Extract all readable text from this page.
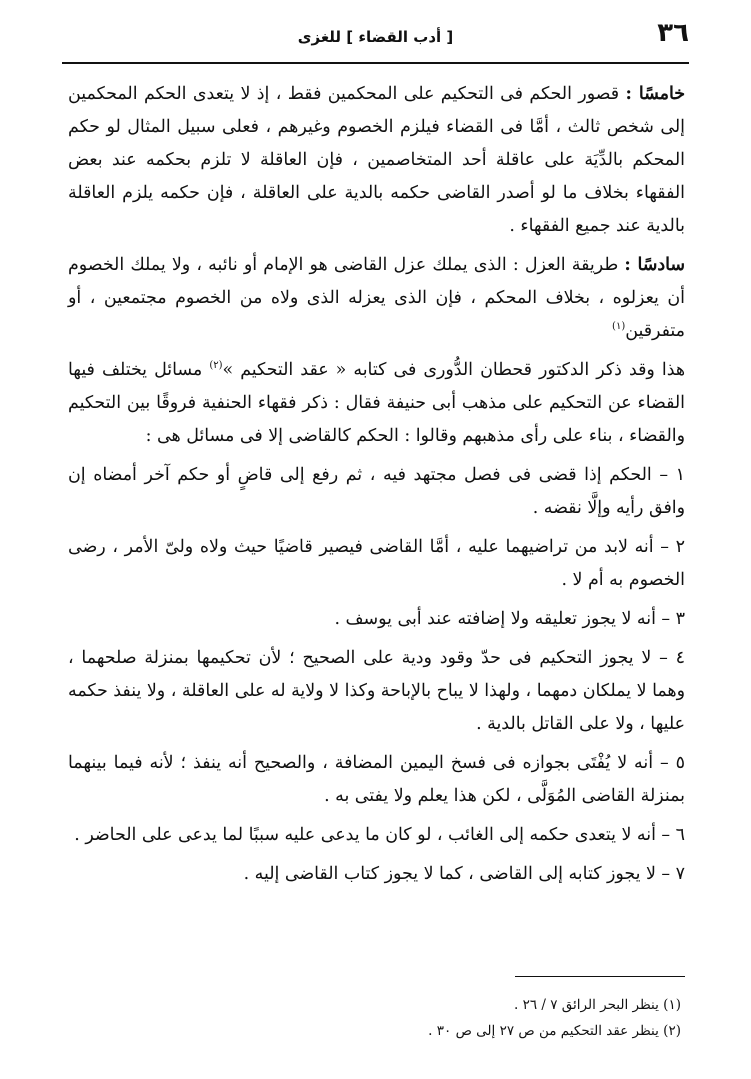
٣٦
[ أدب القضاء ] للغزى

خامسًا : قصور الحكم فى التحكيم على المحكمين فقط ، إذ لا يتعدى الحكم المحكمين إلى شخص ثالث ، أمَّا فى القضاء فيلزم الخصوم وغيرهم ، فعلى سبيل المثال لو حكم المحكم بالدِّيَة على عاقلة أحد المتخاصمين ، فإن العاقلة لا تلزم بحكمه عند بعض الفقهاء بخلاف ما لو أصدر القاضى حكمه بالدية على العاقلة ، فإن حكمه يلزم العاقلة بالدية عند جميع الفقهاء .

سادسًا : طريقة العزل : الذى يملك عزل القاضى هو الإمام أو نائبه ، ولا يملك الخصوم أن يعزلوه ، بخلاف المحكم ، فإن الذى يعزله الذى ولاه من الخصوم مجتمعين ، أو متفرقين$^{(١)}$

هذا وقد ذكر الدكتور قحطان الدُّورى فى كتابه « عقد التحكيم »$^{(٢)}$ مسائل يختلف فيها القضاء عن التحكيم على مذهب أبى حنيفة فقال : ذكر فقهاء الحنفية فروقًا بين التحكيم والقضاء ، بناء على رأى مذهبهم وقالوا : الحكم كالقاضى إلا فى مسائل هى :

١ – الحكم إذا قضى فى فصل مجتهد فيه ، ثم رفع إلى قاضٍ أو حكم آخر أمضاه إن وافق رأيه وإلَّا نقضه .

٢ – أنه لابد من تراضيهما عليه ، أمَّا القاضى فيصير قاضيًا حيث ولاه ولىّ الأمر ، رضى الخصوم به أم لا .

٣ – أنه لا يجوز تعليقه ولا إضافته عند أبى يوسف .

٤ – لا يجوز التحكيم فى حدّ وقود ودية على الصحيح ؛ لأن تحكيمها بمنزلة صلحهما ، وهما لا يملكان دمهما ، ولهذا لا يباح بالإباحة وكذا لا ولاية له على العاقلة ، ولا ينفذ حكمه عليها ، ولا على القاتل بالدية .

٥ – أنه لا يُفْتَى بجوازه فى فسخ اليمين المضافة ، والصحيح أنه ينفذ ؛ لأنه فيما بينهما بمنزلة القاضى المُوَلَّى ، لكن هذا يعلم ولا يفتى به .

٦ – أنه لا يتعدى حكمه إلى الغائب ، لو كان ما يدعى عليه سببًا لما يدعى على الحاضر .

٧ – لا يجوز كتابه إلى القاضى ، كما لا يجوز كتاب القاضى إليه .

(١) ينظر البحر الرائق ٧ / ٢٦ .
(٢) ينظر عقد التحكيم من ص ٢٧ إلى ص ٣٠ .
